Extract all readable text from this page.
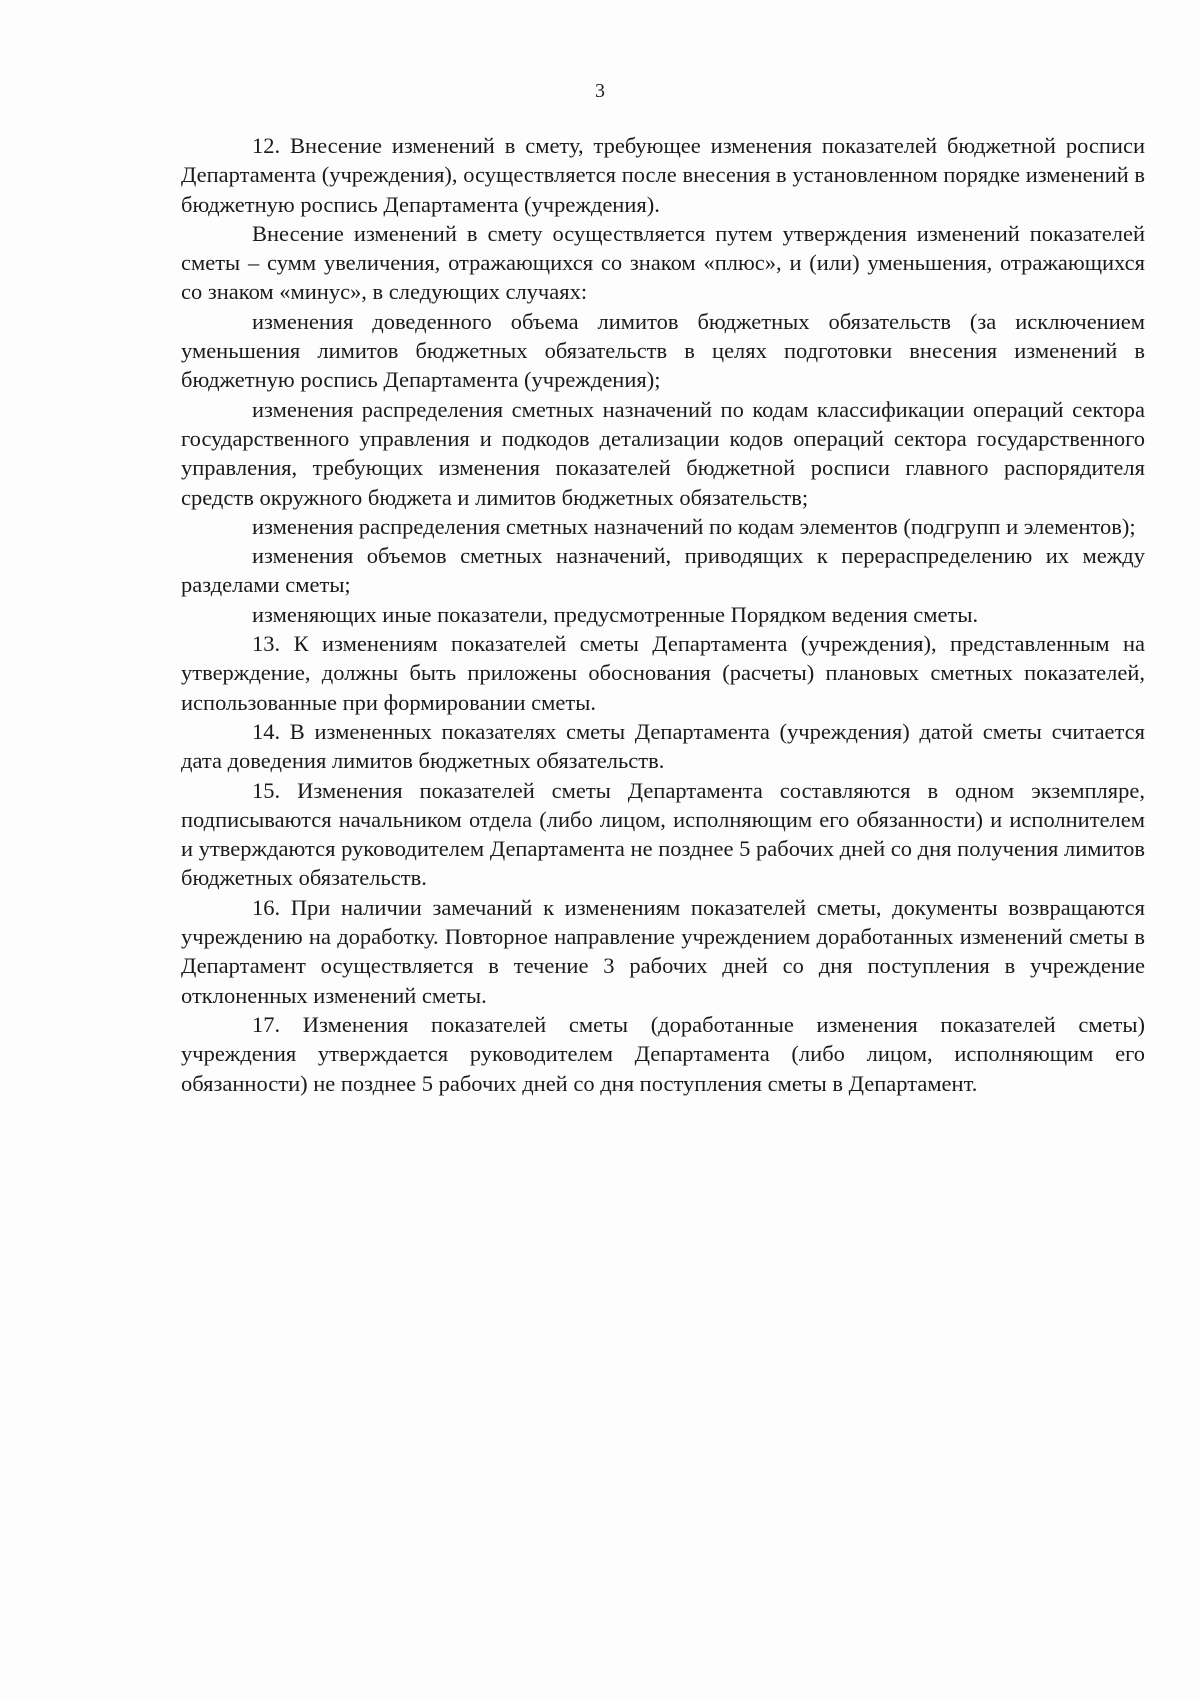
3

12. Внесение изменений в смету, требующее изменения показателей бюджетной росписи Департамента (учреждения), осуществляется после внесения в установленном порядке изменений в бюджетную роспись Департамента (учреждения).

Внесение изменений в смету осуществляется путем утверждения изменений показателей сметы – сумм увеличения, отражающихся со знаком «плюс», и (или) уменьшения, отражающихся со знаком «минус», в следующих случаях:

изменения доведенного объема лимитов бюджетных обязательств (за исключением уменьшения лимитов бюджетных обязательств в целях подготовки внесения изменений в бюджетную роспись Департамента (учреждения);

изменения распределения сметных назначений по кодам классификации операций сектора государственного управления и подкодов детализации кодов операций сектора государственного управления, требующих изменения показателей бюджетной росписи главного распорядителя средств окружного бюджета и лимитов бюджетных обязательств;

изменения распределения сметных назначений по кодам элементов (подгрупп и элементов);

изменения объемов сметных назначений, приводящих к перераспределению их между разделами сметы;

изменяющих иные показатели, предусмотренные Порядком ведения сметы.

13. К изменениям показателей сметы Департамента (учреждения), представленным на утверждение, должны быть приложены обоснования (расчеты) плановых сметных показателей, использованные при формировании сметы.

14. В измененных показателях сметы Департамента (учреждения) датой сметы считается дата доведения лимитов бюджетных обязательств.

15. Изменения показателей сметы Департамента составляются в одном экземпляре, подписываются начальником отдела (либо лицом, исполняющим его обязанности) и исполнителем и утверждаются руководителем Департамента не позднее 5 рабочих дней со дня получения лимитов бюджетных обязательств.

16. При наличии замечаний к изменениям показателей сметы, документы возвращаются учреждению на доработку. Повторное направление учреждением доработанных изменений сметы в Департамент осуществляется в течение 3 рабочих дней со дня поступления в учреждение отклоненных изменений сметы.

17. Изменения показателей сметы (доработанные изменения показателей сметы) учреждения утверждается руководителем Департамента (либо лицом, исполняющим его обязанности) не позднее 5 рабочих дней со дня поступления сметы в Департамент.
